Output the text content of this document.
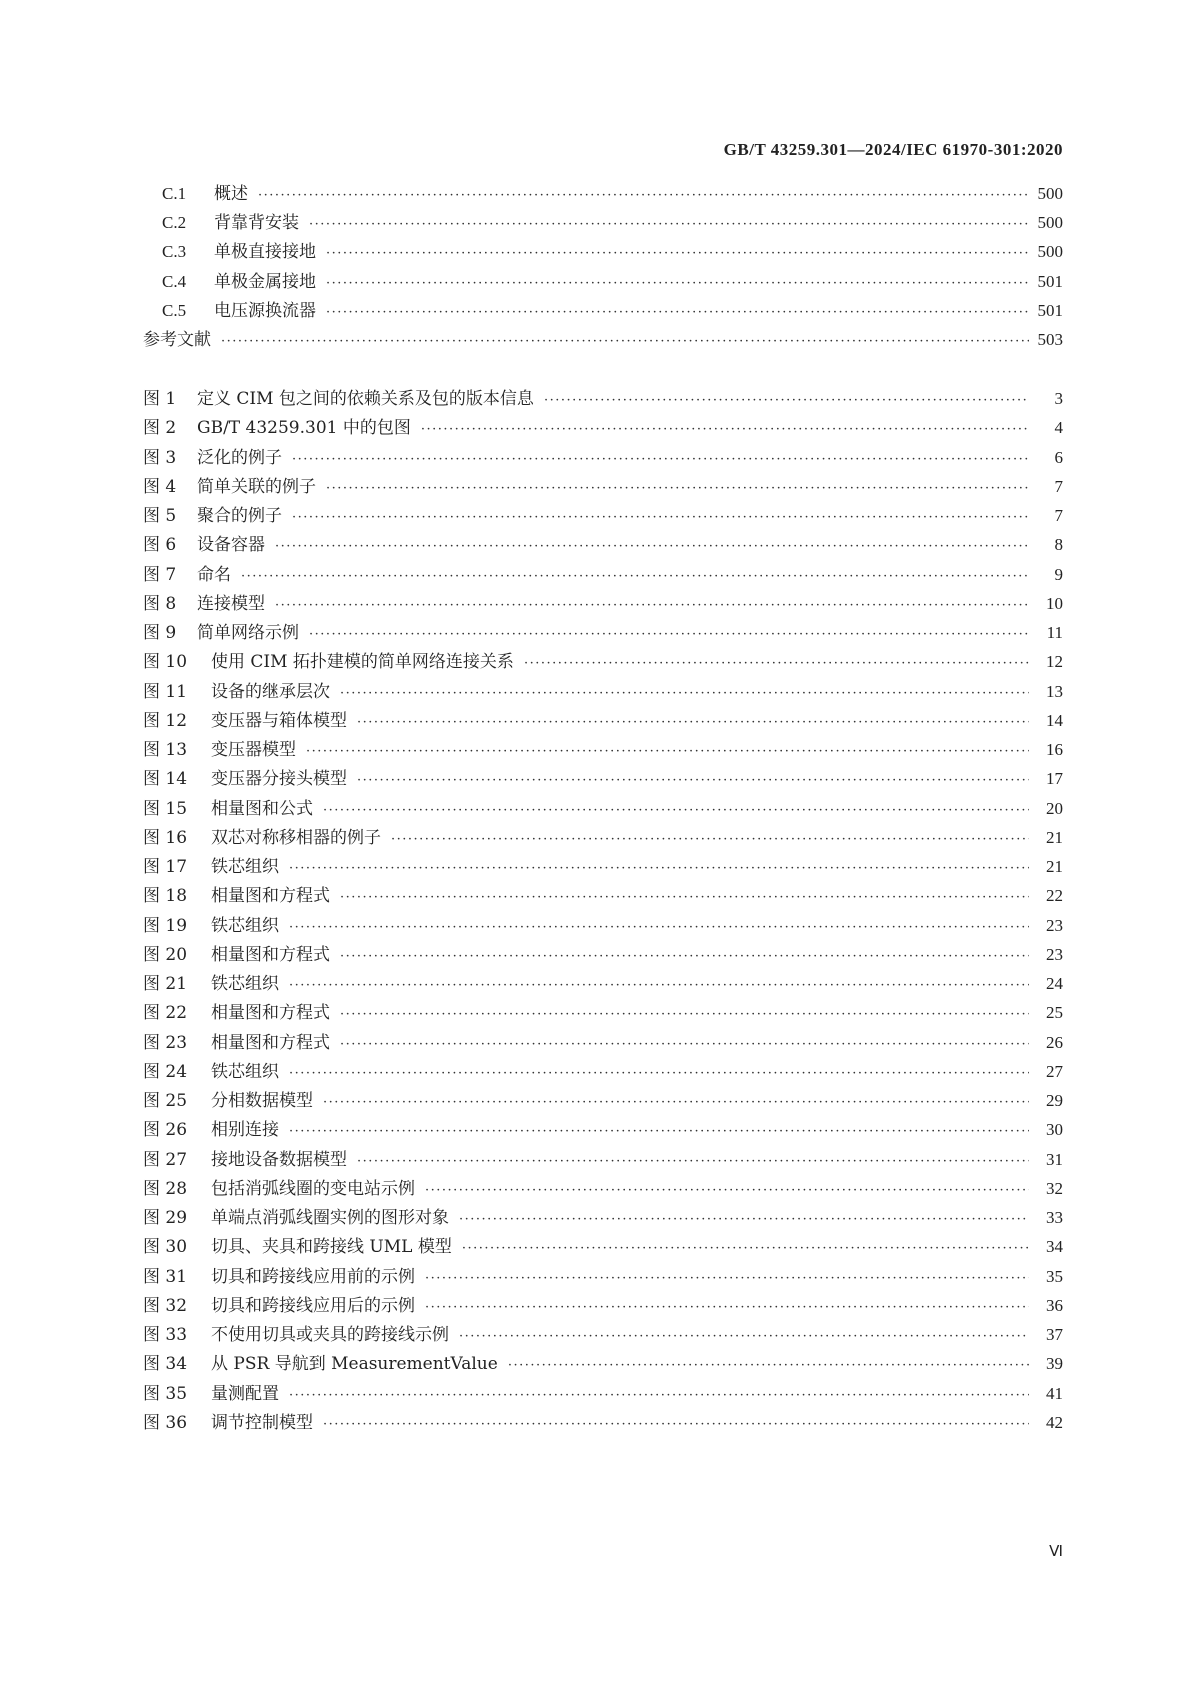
GB/T 43259.301—2024/IEC 61970-301:2020
C.1	概述 ·····	500
C.2	背靠背安装 ·····	500
C.3	单极直接接地 ·····	500
C.4	单极金属接地 ·····	501
C.5	电压源换流器 ·····	501
参考文献 ·····	503
图 1	定义 CIM 包之间的依赖关系及包的版本信息 ·····	3
图 2	GB/T 43259.301 中的包图 ·····	4
图 3	泛化的例子 ·····	6
图 4	简单关联的例子 ·····	7
图 5	聚合的例子 ·····	7
图 6	设备容器 ·····	8
图 7	命名 ·····	9
图 8	连接模型 ·····	10
图 9	简单网络示例 ·····	11
图 10	使用 CIM 拓扑建模的简单网络连接关系 ·····	12
图 11	设备的继承层次 ·····	13
图 12	变压器与箱体模型 ·····	14
图 13	变压器模型 ·····	16
图 14	变压器分接头模型 ·····	17
图 15	相量图和公式 ·····	20
图 16	双芯对称移相器的例子 ·····	21
图 17	铁芯组织 ·····	21
图 18	相量图和方程式 ·····	22
图 19	铁芯组织 ·····	23
图 20	相量图和方程式 ·····	23
图 21	铁芯组织 ·····	24
图 22	相量图和方程式 ·····	25
图 23	相量图和方程式 ·····	26
图 24	铁芯组织 ·····	27
图 25	分相数据模型 ·····	29
图 26	相别连接 ·····	30
图 27	接地设备数据模型 ·····	31
图 28	包括消弧线圈的变电站示例 ·····	32
图 29	单端点消弧线圈实例的图形对象 ·····	33
图 30	切具、夹具和跨接线 UML 模型 ·····	34
图 31	切具和跨接线应用前的示例 ·····	35
图 32	切具和跨接线应用后的示例 ·····	36
图 33	不使用切具或夹具的跨接线示例 ·····	37
图 34	从 PSR 导航到 MeasurementValue ·····	39
图 35	量测配置 ·····	41
图 36	调节控制模型 ·····	42
Ⅵ
